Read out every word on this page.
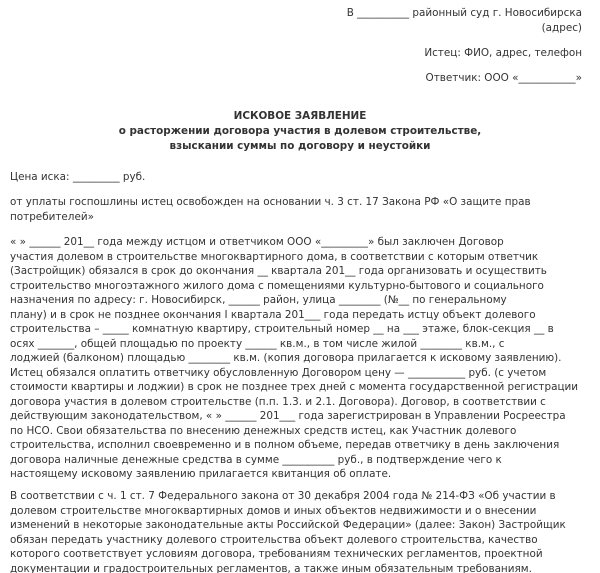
В __________ районный суд г. Новосибирска
(адрес)
Истец: ФИО, адрес, телефон
Ответчик: ООО «___________»
ИСКОВОЕ ЗАЯВЛЕНИЕ
о расторжении договора участия в долевом строительстве,
взыскании суммы по договору и неустойки
Цена иска: _________ руб.
от уплаты госпошлины истец освобожден на основании ч. 3 ст. 17 Закона РФ «О защите прав
потребителей»
« » ______ 201__ года между истцом и ответчиком ООО «_________» был заключен Договор
участия долевом в строительстве многоквартирного дома, в соответствии с которым ответчик
(Застройщик) обязался в срок до окончания __ квартала 201__ года организовать и осуществить
строительство многоэтажного жилого дома с помещениями культурно-бытового и социального
назначения по адресу: г. Новосибирск, ______ район, улица ________ (№__ по генеральному
плану) и в срок не позднее окончания I квартала 201___ года передать истцу объект долевого
строительства – _____ комнатную квартиру, строительный номер __ на ___ этаже, блок-секция __ в
осях _______, общей площадью по проекту ______ кв.м., в том числе жилой ________ кв.м., с
лоджией (балконом) площадью ________ кв.м. (копия договора прилагается к исковому заявлению).
Истец обязался оплатить ответчику обусловленную Договором цену — ___________ руб. (с учетом
стоимости квартиры и лоджии) в срок не позднее трех дней с момента государственной регистрации
договора участия в долевом строительстве (п.п. 1.3. и 2.1. Договора). Договор, в соответствии с
действующим законодательством, « » ______ 201___ года зарегистрирован в Управлении Росреестра
по НСО. Свои обязательства по внесению денежных средств истец, как Участник долевого
строительства, исполнил своевременно и в полном объеме, передав ответчику в день заключения
договора наличные денежные средства в сумме __________ руб., в подтверждение чего к
настоящему исковому заявлению прилагается квитанция об оплате.
В соответствии с ч. 1 ст. 7 Федерального закона от 30 декабря 2004 года № 214-ФЗ «Об участии в
долевом строительстве многоквартирных домов и иных объектов недвижимости и о внесении
изменений в некоторые законодательные акты Российской Федерации» (далее: Закон) Застройщик
обязан передать участнику долевого строительства объект долевого строительства, качество
которого соответствует условиям договора, требованиям технических регламентов, проектной
документации и градостроительных регламентов, а также иным обязательным требованиям.
